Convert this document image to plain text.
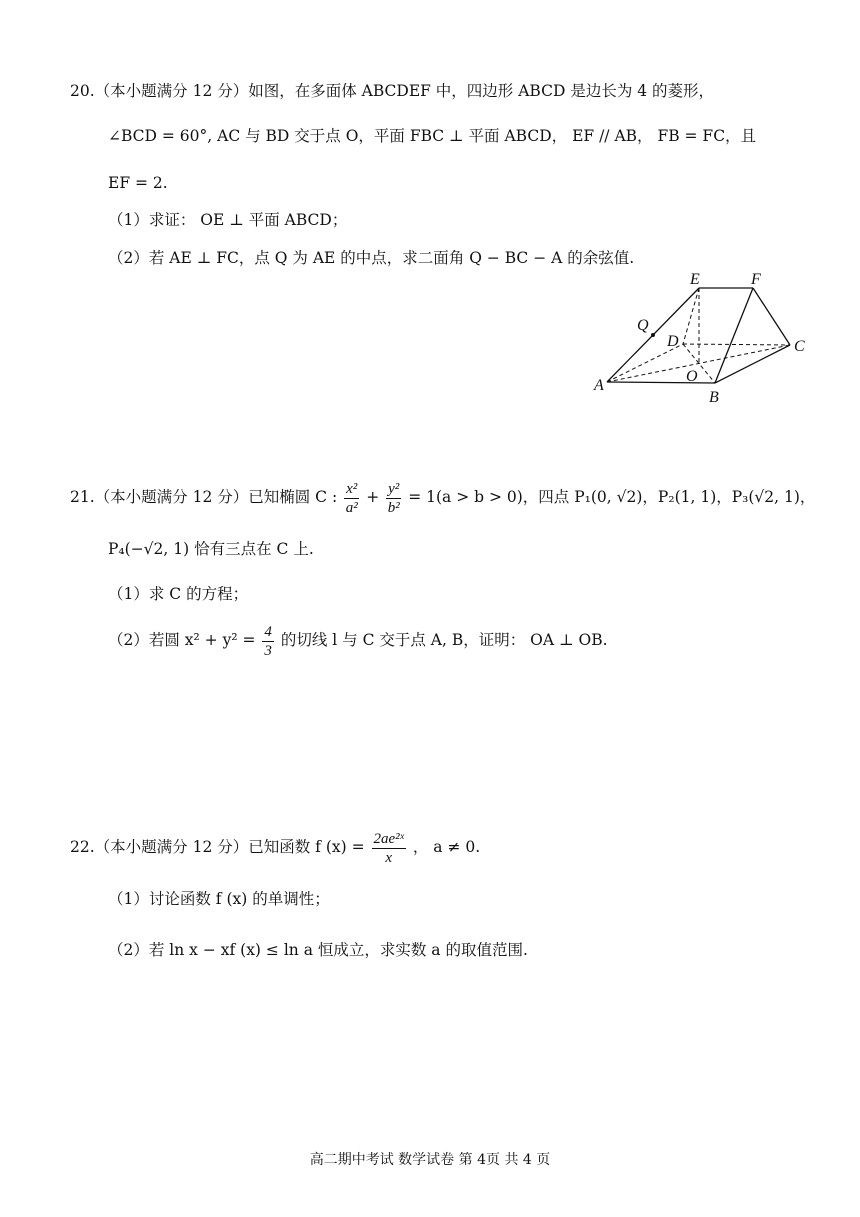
20.（本小题满分 12 分）如图，在多面体 ABCDEF 中，四边形 ABCD 是边长为 4 的菱形，
∠BCD = 60°, AC 与 BD 交于点 O，平面 FBC ⊥ 平面 ABCD， EF // AB， FB = FC，且
EF = 2.
（1）求证： OE ⊥ 平面 ABCD；
（2）若 AE ⊥ FC，点 Q 为 AE 的中点，求二面角 Q − BC − A 的余弦值.
E	F
Q
D	C
O
A
B
21.（本小题满分 12 分）已知椭圆 C : $\frac{\text{x²}}{\text{a²}} + \frac{\text{y²}}{\text{b²}} = 1(a > b > 0)$，四点 P₁(0, √2)，P₂(1, 1)，P₃(√2, 1)，
P₄(−√2, 1) 恰有三点在 C 上.
（1）求 C 的方程；
（2）若圆 $x^2 + y^2 = \frac{4}{3}$ 的切线 l 与 C 交于点 A, B，证明： OA ⊥ OB.
22.（本小题满分 12 分）已知函数 f $(x) = \frac{\text{2ae²ˣ}}{x}$ ， a ≠ 0.
（1）讨论函数 f (x) 的单调性；
（2）若 ln x − xf (x) ≤ ln a 恒成立，求实数 a 的取值范围.
高二期中考试 数学试卷 第 4页 共 4 页
